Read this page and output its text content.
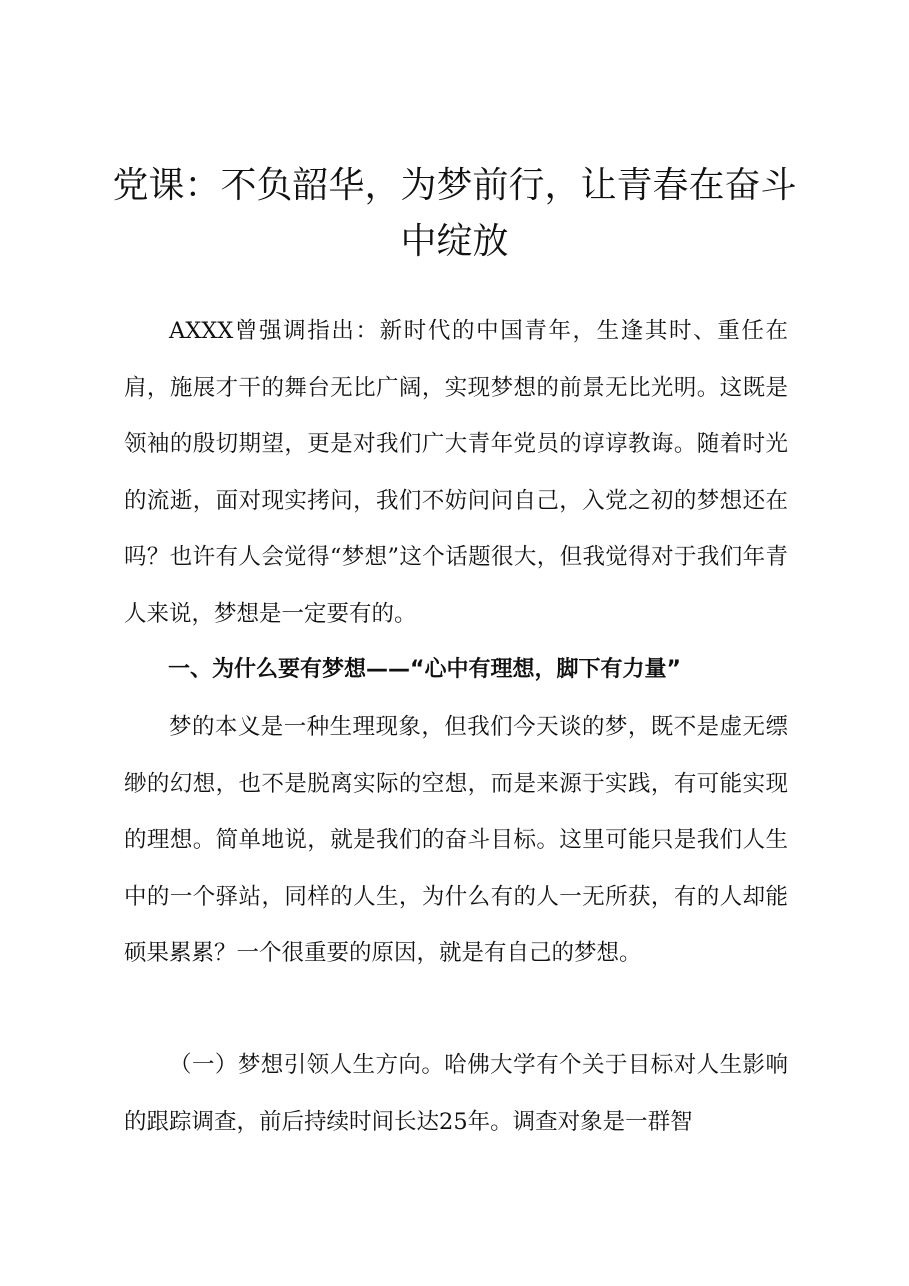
党课：不负韶华，为梦前行，让青春在奋斗中绽放

AXXX曾强调指出：新时代的中国青年，生逢其时、重任在肩，施展才干的舞台无比广阔，实现梦想的前景无比光明。这既是领袖的殷切期望，更是对我们广大青年党员的谆谆教诲。随着时光的流逝，面对现实拷问，我们不妨问问自己，入党之初的梦想还在吗？也许有人会觉得“梦想”这个话题很大，但我觉得对于我们年青人来说，梦想是一定要有的。

一、为什么要有梦想——“心中有理想，脚下有力量”

梦的本义是一种生理现象，但我们今天谈的梦，既不是虚无缥缈的幻想，也不是脱离实际的空想，而是来源于实践，有可能实现的理想。简单地说，就是我们的奋斗目标。这里可能只是我们人生中的一个驿站，同样的人生，为什么有的人一无所获，有的人却能硕果累累？一个很重要的原因，就是有自己的梦想。

（一）梦想引领人生方向。哈佛大学有个关于目标对人生影响的跟踪调查，前后持续时间长达25年。调查对象是一群智
